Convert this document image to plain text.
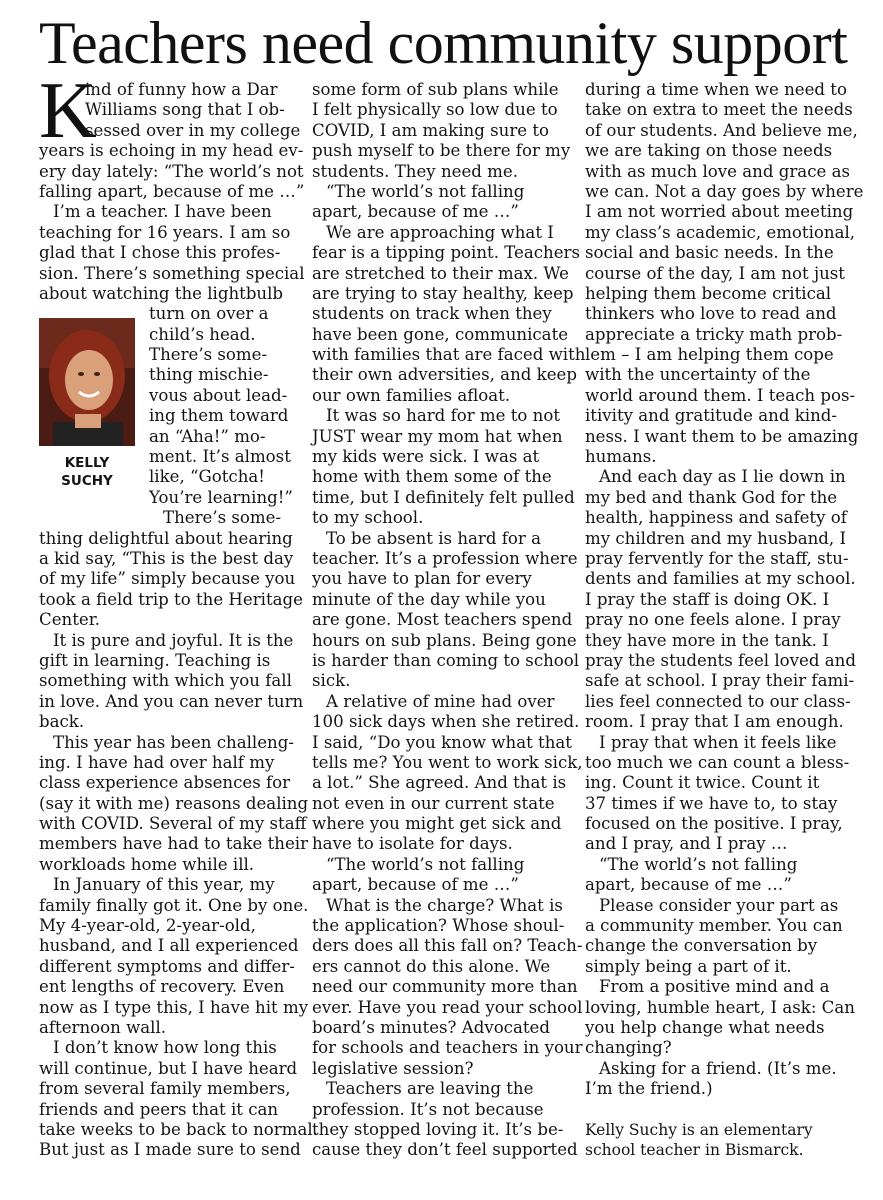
Teachers need community support
K
KELLY
SUCHY
ind of funny how a Dar
Williams song that I ob-
sessed over in my college
years is echoing in my head ev-
ery day lately: “The world’s not
falling apart, because of me …”
I’m a teacher. I have been
teaching for 16 years. I am so
glad that I chose this profes-
sion. There’s something special
about watching the lightbulb
turn on over a
child’s head.
There’s some-
thing mischie-
vous about lead-
ing them toward
an “Aha!” mo-
ment. It’s almost
like, “Gotcha!
You’re learning!”
There’s some-
thing delightful about hearing
a kid say, “This is the best day
of my life” simply because you
took a field trip to the Heritage
Center.
It is pure and joyful. It is the
gift in learning. Teaching is
something with which you fall
in love. And you can never turn
back.
This year has been challeng-
ing. I have had over half my
class experience absences for
(say it with me) reasons dealing
with COVID. Several of my staff
members have had to take their
workloads home while ill.
In January of this year, my
family finally got it. One by one.
My 4-year-old, 2-year-old,
husband, and I all experienced
different symptoms and differ-
ent lengths of recovery. Even
now as I type this, I have hit my
afternoon wall.
I don’t know how long this
will continue, but I have heard
from several family members,
friends and peers that it can
take weeks to be back to normal.
But just as I made sure to send
some form of sub plans while
I felt physically so low due to
COVID, I am making sure to
push myself to be there for my
students. They need me.
“The world’s not falling
apart, because of me …”
We are approaching what I
fear is a tipping point. Teachers
are stretched to their max. We
are trying to stay healthy, keep
students on track when they
have been gone, communicate
with families that are faced with
their own adversities, and keep
our own families afloat.
It was so hard for me to not
JUST wear my mom hat when
my kids were sick. I was at
home with them some of the
time, but I definitely felt pulled
to my school.
To be absent is hard for a
teacher. It’s a profession where
you have to plan for every
minute of the day while you
are gone. Most teachers spend
hours on sub plans. Being gone
is harder than coming to school
sick.
A relative of mine had over
100 sick days when she retired.
I said, “Do you know what that
tells me? You went to work sick,
a lot.” She agreed. And that is
not even in our current state
where you might get sick and
have to isolate for days.
“The world’s not falling
apart, because of me …”
What is the charge? What is
the application? Whose shoul-
ders does all this fall on? Teach-
ers cannot do this alone. We
need our community more than
ever. Have you read your school
board’s minutes? Advocated
for schools and teachers in your
legislative session?
Teachers are leaving the
profession. It’s not because
they stopped loving it. It’s be-
cause they don’t feel supported
during a time when we need to
take on extra to meet the needs
of our students. And believe me,
we are taking on those needs
with as much love and grace as
we can. Not a day goes by where
I am not worried about meeting
my class’s academic, emotional,
social and basic needs. In the
course of the day, I am not just
helping them become critical
thinkers who love to read and
appreciate a tricky math prob-
lem – I am helping them cope
with the uncertainty of the
world around them. I teach pos-
itivity and gratitude and kind-
ness. I want them to be amazing
humans.
And each day as I lie down in
my bed and thank God for the
health, happiness and safety of
my children and my husband, I
pray fervently for the staff, stu-
dents and families at my school.
I pray the staff is doing OK. I
pray no one feels alone. I pray
they have more in the tank. I
pray the students feel loved and
safe at school. I pray their fami-
lies feel connected to our class-
room. I pray that I am enough.
I pray that when it feels like
too much we can count a bless-
ing. Count it twice. Count it
37 times if we have to, to stay
focused on the positive. I pray,
and I pray, and I pray …
“The world’s not falling
apart, because of me …”
Please consider your part as
a community member. You can
change the conversation by
simply being a part of it.
From a positive mind and a
loving, humble heart, I ask: Can
you help change what needs
changing?
Asking for a friend. (It’s me.
I’m the friend.)
Kelly Suchy is an elementary
school teacher in Bismarck.
